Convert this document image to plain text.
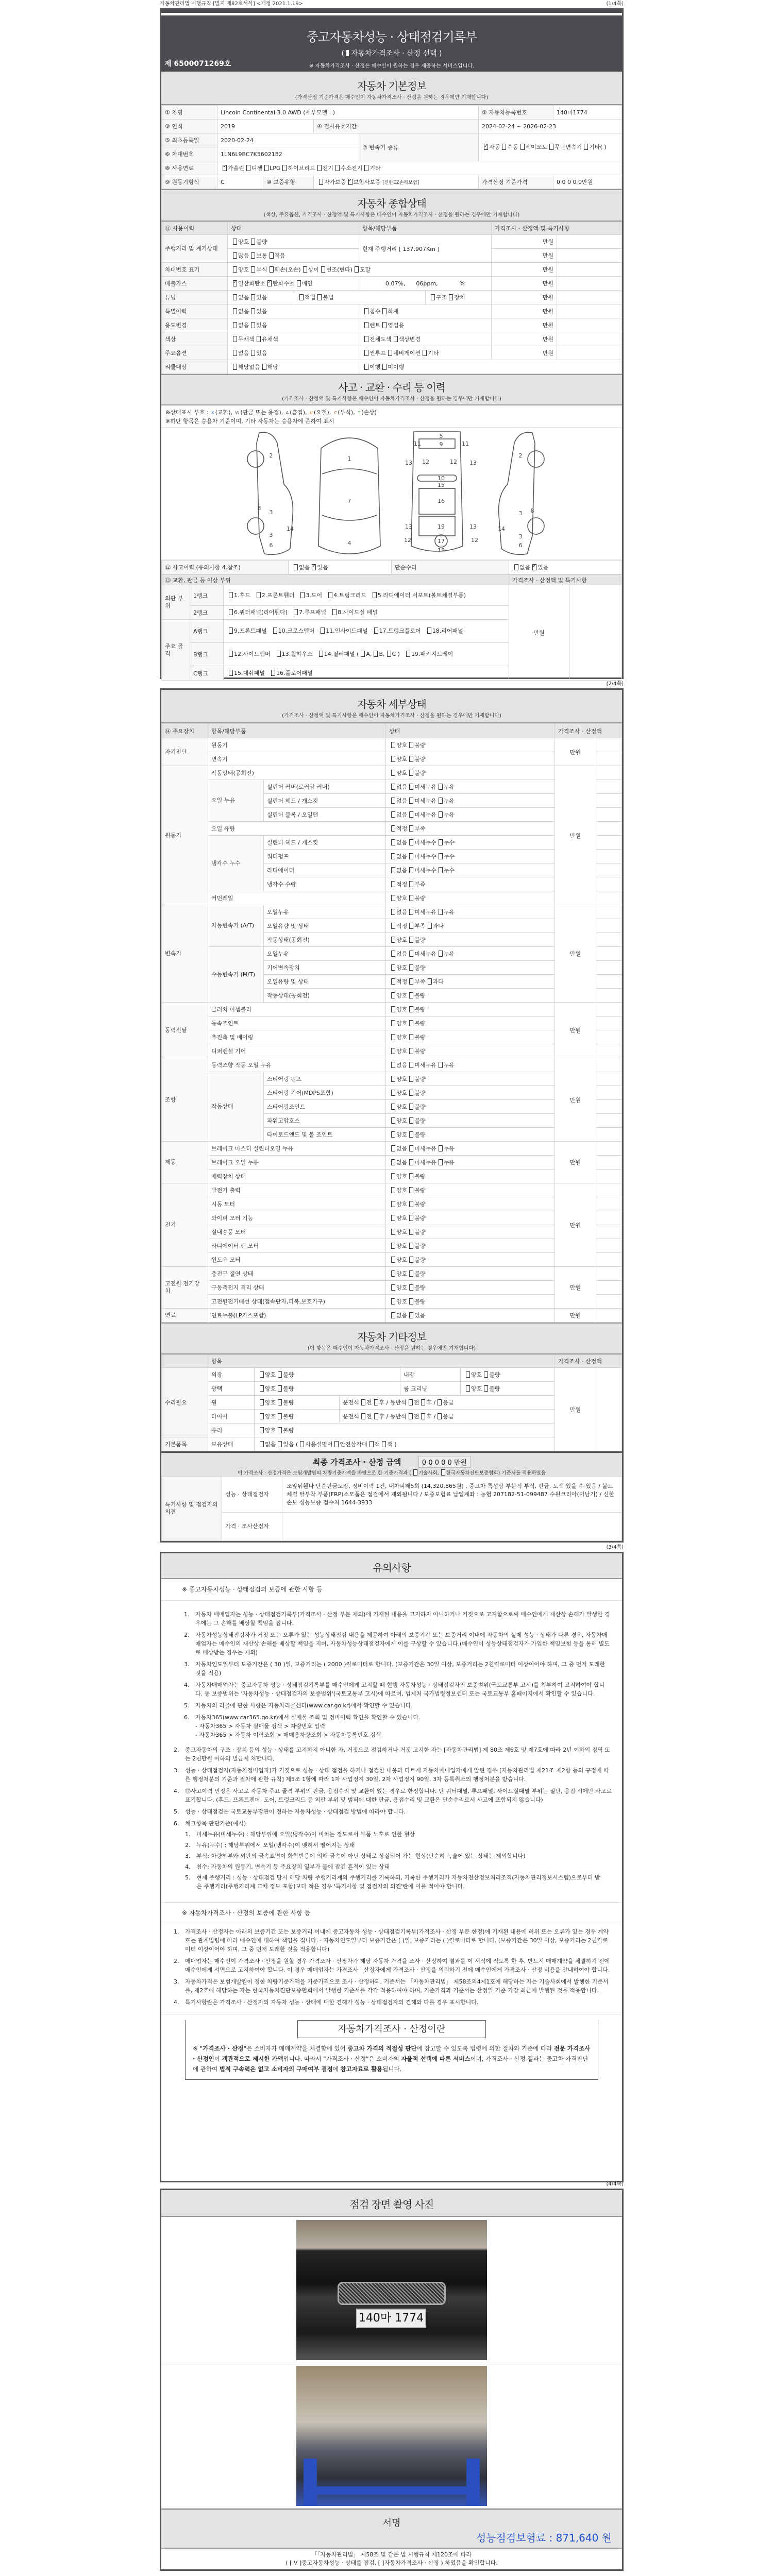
자동차관리법 시행규칙 [별지 제82호서식] <개정 2021.1.19>	(1/4쪽)
중고자동차성능 · 상태점검기록부
( 자동차가격조사 · 산정 선택 )
※ 자동차가격조사 · 산정은 매수인이 원하는 경우 제공하는 서비스입니다.
제 6500071269호
자동차 기본정보

(가격산정 기준가격은 매수인이 자동차가격조사 · 산정을 원하는 경우에만 기재합니다)

① 차명	Lincoln Continental 3.0 AWD (세부모델 : )				② 자동차등록번호	140마1774
③ 연식	2019		④ 검사유효기간		2024-02-24 ~ 2026-02-23	
⑤ 최초등록일	2020-02-24			⑦ 변속기 종류	✓자동 수동 세미오토 무단변속기 기타( )
⑥ 차대번호	1LN6L9BC7K5602182					
⑧ 사용연료	✓가솔린 디젤 LPG 하이브리드 전기 수소전기 기타
⑨ 원동기형식	C	⑩ 보증유형	자가보증 ✓ 보험사보증 [신한EZ손해보험]		가격산정 기준가격	0 0 0 0 0만원
자동차 종합상태

(색상, 주요옵션, 가격조사 · 산정액 및 특기사항은 매수인이 자동차가격조사 · 산정을 원하는 경우에만 기재합니다)

⑪ 사용이력	상태		항목/해당부품		가격조사 · 산정액 및 특기사항	
주행거리 및 계기상태	양호 불량		현재 주행거리 [ 137,907Km ]		만원	
	많음 보통 적음				만원	
차대번호 표기	양호 부식 훼손(오손) 상이 변조(변타) 도말				만원	
배출가스	✓일산화탄소 ✓ 탄화수소 매연		0.07%,      06ppm,            %		만원	
튜닝	없음 있음	적법 불법		구조 장치	만원	
특별이력	없음 있음		침수 화재		만원	
용도변경	없음 있음		렌트 영업용		만원	
색상	무채색 유채색		전체도색 색상변경		만원	
주요옵션	없음 있음		썬루프 네비게이션 기타		만원	
리콜대상	해당없음 해당		이행 미이행			
사고 · 교환 · 수리 등 이력

(가격조사 · 산정액 및 특기사항은 매수인이 자동차가격조사 · 산정을 원하는 경우에만 기재합니다)

※상태표시 부호 : X (교환), W (판금 또는 용접), A (흠집), U (요철), C (부식), T (손상)
※하단 항목은 승용차 기준이며, 기타 자동차는 승용차에 준하여 표시
2
8
3
3
14
6
1
7
4
5
9
11	11
13	13
12	12
10
15
16
13	19	13
17
12	12
18
2
8
3
14
3
6
⑫ 사고이력 (유의사항 4.참조)	없음 ✓ 있음	단순수리	없음 ✓ 있음
⑬ 교환, 판금 등 이상 부위			가격조사 · 산정액 및 특기사항	
외판 부위	1랭크	1.후드 2.프론트휀더 3.도어 4.트렁크리드 5.라디에이터 서포트(볼트체결부품)	만원	
	2랭크	6.쿼터패널(리어휀다) 7.루프패널 8.사이드실 패널		
주요 골격	A랭크	9.프론트패널 10.크로스멤버 11.인사이드패널 17.트렁크플로어 18.리어패널		
	B랭크	12.사이드멤버 13.휠하우스 14.필러패널 ( A, B, C ) 19.패키지트레이		
	C랭크	15.대쉬패널 16.플로어패널		
(2/4쪽)
자동차 세부상태

(가격조사 · 산정액 및 특기사항은 매수인이 자동차가격조사 · 산정을 원하는 경우에만 기재합니다)

⑭ 주요장치	항목/해당부품		상태	가격조사 · 산정액	
자기진단	원동기		양호 불량	만원	
	변속기		양호 불량		
원동기	작동상태(공회전)		양호 불량	만원	
	오일 누유	실린더 커버(로커암 커버)	없음 미세누유 누유		
		실린더 헤드 / 개스킷	없음 미세누유 누유		
		실린더 블록 / 오일팬	없음 미세누유 누유		
	오일 유량		적정 부족		
	냉각수 누수	실린더 헤드 / 개스킷	없음 미세누수 누수		
		워터펌프	없음 미세누수 누수		
		라디에이터	없음 미세누수 누수		
		냉각수 수량	적정 부족		
	커먼레일		양호 불량		
변속기	자동변속기 (A/T)	오일누유	없음 미세누유 누유	만원	
		오일유량 및 상태	적정 부족 과다		
		작동상태(공회전)	양호 불량		
	수동변속기 (M/T)	오일누유	없음 미세누유 누유		
		기어변속장치	양호 불량		
		오일유량 및 상태	적정 부족 과다		
		작동상태(공회전)	양호 불량		
동력전달	클러치 어셈블리		양호 불량	만원	
	등속조인트		양호 불량		
	추진축 및 베어링		양호 불량		
	디퍼렌셜 기어		양호 불량		
조향	동력조향 작동 오일 누유		없음 미세누유 누유	만원	
	작동상태	스티어링 펌프	양호 불량		
		스티어링 기어(MDPS포함)	양호 불량		
		스티어링조인트	양호 불량		
		파워고압호스	양호 불량		
		타이로드엔드 및 볼 조인트	양호 불량		
제동	브레이크 마스터 실린더오일 누유		없음 미세누유 누유	만원	
	브레이크 오일 누유		없음 미세누유 누유		
	배력장치 상태		양호 불량		
전기	발전기 출력		양호 불량	만원	
	시동 모터		양호 불량		
	와이퍼 모터 기능		양호 불량		
	실내송풍 모터		양호 불량		
	라디에이터 팬 모터		양호 불량		
	윈도우 모터		양호 불량		
고전원 전기장치	충전구 절연 상태		양호 불량	만원	
	구동축전지 격리 상태		양호 불량		
	고전원전기배선 상태(접속단자,피복,보호기구)		양호 불량		
연료	연료누출(LP가스포함)		없음 있음	만원	
자동차 기타정보

(이 항목은 매수인이 자동차가격조사 · 산정을 원하는 경우에만 기재합니다)

	항목					가격조사 · 산정액	
수리필요	외장	양호 불량		내장	양호 불량	만원	
	광택	양호 불량		룸 크리닝	양호 불량		
	휠	양호 불량	운전석 전 후 / 동반석 전 후 / 응급				
	타이어	양호 불량	운전석 전 후 / 동반석 전 후 / 응급				
	유리	양호 불량					
기본품목	보유상태	없음 있음 ( 사용설명서 안전삼각대 잭 잭 )					
최종 가격조사 · 산정 금액	0 0 0 0 0 만원
이 가격조사 · 산정가격은 보험개발원의 차량기준가액을 바탕으로 한 기준가격과 ( 기술사회, 한국자동차진단보증협회) 기준서를 적용하였음
특기사항 및 점검자의 의견	성능 · 상태점검자	조앞뒤휀다 단순판금도장, 정비이력 1건, 내차피해5회 (14,320,865원) , 중고차 특성상 부분적 부식, 판금, 도색 있을 수 있음 / 볼트체결 탈부착 부품(FRP)소모품은 점검에서 제외됩니다 / 보증보험료 납입계좌 : 농협 207182-51-099487 수원코리아(이남기) / 신한손보 성능보증 접수처 1644-3933
	가격 · 조사산정자	
(3/4쪽)
유의사항
※ 중고자동차성능 · 상태점검의 보증에 관한 사항 등
1.	자동차 매매업자는 성능 · 상태점검기록부(가격조사 · 산정 부분 제외)에 기재된 내용을 고지하지 아니하거나 거짓으로 고지함으로써 매수인에게 재산상 손해가 발생한 경우에는 그 손해를 배상할 책임을 집니다.
2.	자동차성능상태점검자가 거짓 또는 오류가 있는 성능상태점검 내용을 제공하여 아래의 보증기간 또는 보증거리 이내에 자동차의 실제 성능 · 상태가 다른 경우, 자동차매매업자는 매수인의 재산상 손해를 배상할 책임을 지며, 자동차성능상태점검자에게 이를 구상할 수 있습니다.(매수인이 성능상태점검자가 가입한 책임보험 등을 통해 별도로 배상받는 경우는 제외)
3.	자동차인도일부터 보증기간은 ( 30 )일, 보증거리는 ( 2000 )킬로미터로 합니다. (보증기간은 30일 이상, 보증거리는 2천킬로미터 이상이어야 하며, 그 중 먼저 도래한 것을 적용)
4.	자동차매매업자는 중고자동차 성능 · 상태점검기록부를 매수인에게 고지할 때 현행 자동차성능 · 상태점검자의 보증범위(국토교통부 고시)를 첨부하여 고지하여야 합니다. 동 보증범위는 '자동차성능 · 상태점검자의 보증범위'(국토교통부 고시)에 따르며, 법제처 국가법령정보센터 또는 국토교통부 홈페이지에서 확인할 수 있습니다.
5.	자동차의 리콜에 관한 사항은 자동차리콜센터(www.car.go.kr)에서 확인할 수 있습니다.
6.	자동차365(www.car365.go.kr)에서 실매물 조회 및 정비이력 확인을 확인할 수 있습니다.
- 자동차365 > 자동차 실매물 검색 > 차량번호 입력
- 자동차365 > 자동차 이력조회 > 매매용차량조회 > 자동차등록번호 검색
2.	중고자동차의 구조 · 장치 등의 성능 · 상태를 고지하지 아니한 자, 거짓으로 점검하거나 거짓 고지한 자는 [자동차관리법] 제 80조 제6호 및 제7호에 따라 2년 이하의 징역 또는 2천만원 이하의 벌금에 처합니다.
3.	성능 · 상태점검자(자동차정비업자)가 거짓으로 성능 · 상태 점검을 하거나 점검한 내용과 다르게 자동차매매업자에게 알린 경우 [자동차관리법 제21조 제2항 등의 규정에 따른 행정처분의 기준과 절차에 관한 규칙] 제5조 1항에 따라 1차 사업정지 30일, 2차 사업정지 90일, 3차 등록취소의 행정처분을 받습니다.
4.	⑫사고이력 인정은 사고로 자동차 주요 골격 부위의 판금, 용접수리 및 교환이 있는 경우로 한정합니다. 단 쿼터패널, 루프패널, 사이드실패널 부위는 절단, 용접 시에만 사고로 표기합니다. (후드, 프론트펜더, 도어, 트렁크리드 등 외판 부위 및 범퍼에 대한 판금, 용접수리 및 교환은 단순수리로서 사고에 포함되지 않습니다)
5.	성능 · 상태점검은 국토교통부장관이 정하는 자동차성능 · 상태점검 방법에 따라야 합니다.
6.	체크항목 판단기준(예시)
1.	미세누유(미세누수) : 해당부위에 오일(냉각수)이 비치는 정도로서 부품 노후로 인한 현상
2.	누유(누수) : 해당부위에서 오일(냉각수)이 맺혀서 떨어지는 상태
3.	부식: 차량하부와 외판의 금속표면이 화학반응에 의해 금속이 아닌 상태로 상실되어 가는 현상(단순히 녹슬어 있는 상태는 제외합니다)
4.	침수: 자동차의 원동기, 변속기 등 주요장치 일부가 물에 잠긴 흔적이 있는 상태
5.	현재 주행거리 : 성능 · 상태점검 당시 해당 차량 주행거리계의 주행거리를 기록하되, 기록한 주행거리가 자동차전산정보처리조직(자동차관리정보시스템)으로부터 받은 주행거리(주행거리계 교체 정보 포함)보다 적은 경우 '특기사항 및 점검자의 의견'란에 이를 적어야 합니다.
※ 자동차가격조사 · 산정의 보증에 관한 사항 등
1.	가격조사 · 산정자는 아래의 보증기간 또는 보증거리 이내에 중고자동차 성능 · 상태점검기록부(가격조사 · 산정 부분 한정)에 기재된 내용에 허위 또는 오류가 있는 경우 계약 또는 관계법령에 따라 매수인에 대하여 책임을 집니다. · 자동차인도일부터 보증기간은 ( )일, 보증거리는 ( )킬로미터로 합니다. (보증기간은 30일 이상, 보증거리는 2천킬로미터 이상이어야 하며, 그 중 먼저 도래한 것을 적용합니다)
2.	매매업자는 매수인이 가격조사 · 산정을 원할 경우 가격조사 · 산정자가 해당 자동차 가격을 조사 · 산정하여 결과를 이 서식에 적도록 한 후, 반드시 매매계약을 체결하기 전에 매수인에게 서면으로 고지하여야 합니다. 이 경우 매매업자는 가격조사 · 산정자에게 가격조사 · 산정을 의뢰하기 전에 매수인에게 가격조사 · 산정 비용을 안내하여야 합니다.
3.	자동차가격은 보험개발원이 정한 차량기준가액을 기준가격으로 조사 · 산정하되, 기준서는 「자동차관리법」 제58조의4제1호에 해당하는 자는 기술사회에서 발행한 기준서를, 제2호에 해당하는 자는 한국자동차진단보증협회에서 발행한 기준서를 각각 적용하여야 하며, 기준가격과 기준서는 산정일 기준 가장 최근에 발행된 것을 적용합니다.
4.	특기사항란은 가격조사 · 산정자의 자동차 성능 · 상태에 대한 견해가 성능 · 상태점검자의 견해와 다를 경우 표시합니다.
자동차가격조사 · 산정이란

※ "가격조사 · 산정"은 소비자가 매매계약을 체결함에 있어 중고차 가격의 적절성 판단에 참고할 수 있도록 법령에 의한 절차와 기준에 따라 전문 가격조사 · 산정인이 객관적으로 제시한 가액입니다. 따라서 "가격조사 · 산정"은 소비자의 자율적 선택에 따른 서비스이며, 가격조사 · 산정 결과는 중고차 가격판단에 관하여 법적 구속력은 없고 소비자의 구매여부 결정에 참고자료로 활용됩니다.

(4/4쪽)
점검 장면 촬영 사진
140마 1774
서명
성능점검보험료 : 871,640 원
「「자동차관리법」 제58조 및 같은 법 시행규칙 제120조에 따라
( [ V ]중고자동차성능 · 상태를 점검, [ ]자동차가격조사 · 산정 ) 하였음을 확인합니다.
